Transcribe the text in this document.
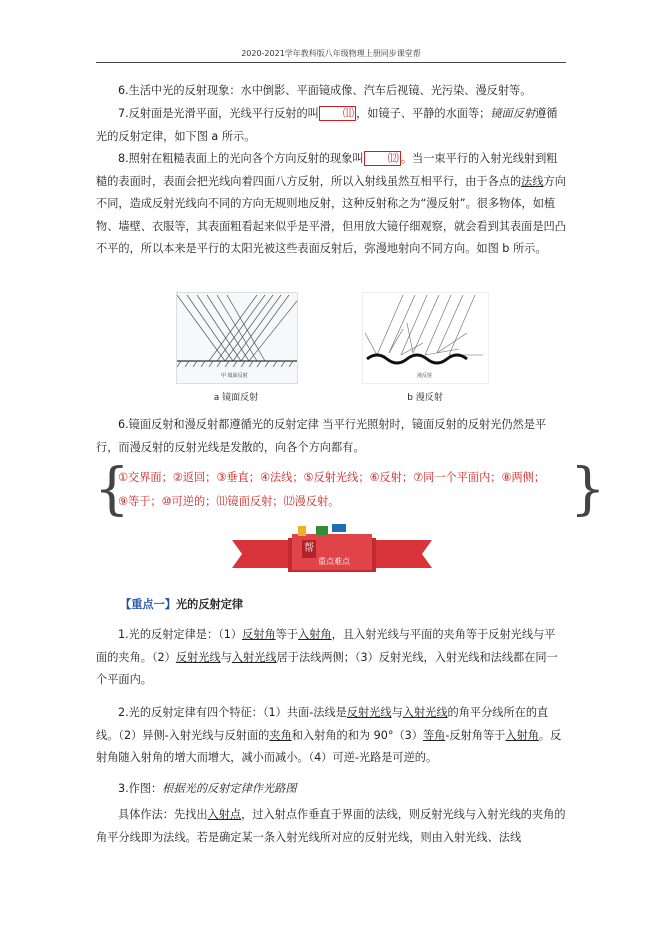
2020-2021学年教科版八年级物理上册同步课堂帮

6.生活中光的反射现象：水中倒影、平面镜成像、汽车后视镜、光污染、漫反射等。

7.反射面是光滑平面，光线平行反射的叫 ⑾ ，如镜子、平静的水面等；镜面反射遵循光的反射定律，如下图 a 所示。

8.照射在粗糙表面上的光向各个方向反射的现象叫 ⑿ 。当一束平行的入射光线射到粗糙的表面时，表面会把光线向着四面八方反射，所以入射线虽然互相平行，由于各点的法线方向不同，造成反射光线向不同的方向无规则地反射，这种反射称之为“漫反射”。很多物体，如植物、墙壁、衣服等，其表面粗看起来似乎是平滑，但用放大镜仔细观察，就会看到其表面是凹凸不平的，所以本来是平行的太阳光被这些表面反射后，弥漫地射向不同方向。如图 b 所示。

甲 镜面反射
a 镜面反射
漫反射
b 漫反射

6.镜面反射和漫反射都遵循光的反射定律 当平行光照射时，镜面反射的反射光仍然是平行，而漫反射的反射光线是发散的，向各个方向都有。

{	}
①交界面；②返回；③垂直；④法线；⑤反射光线；⑥反射；⑦同一个平面内；⑧两侧；
⑨等于；⑩可逆的；⑾镜面反射；⑿漫反射。
帮
重点难点
【重点一】光的反射定律

1.光的反射定律是：（1）反射角等于入射角，且入射光线与平面的夹角等于反射光线与平面的夹角。（2）反射光线与入射光线居于法线两侧；（3）反射光线，入射光线和法线都在同一个平面内。

2.光的反射定律有四个特征：（1）共面-法线是反射光线与入射光线的角平分线所在的直线。（2）异侧-入射光线与反射面的夹角和入射角的和为 90°（3）等角-反射角等于入射角。反射角随入射角的增大而增大，减小而减小。（4）可逆-光路是可逆的。

3.作图：根据光的反射定律作光路图

具体作法：先找出入射点，过入射点作垂直于界面的法线，则反射光线与入射光线的夹角的角平分线即为法线。若是确定某一条入射光线所对应的反射光线，则由入射光线、法线
